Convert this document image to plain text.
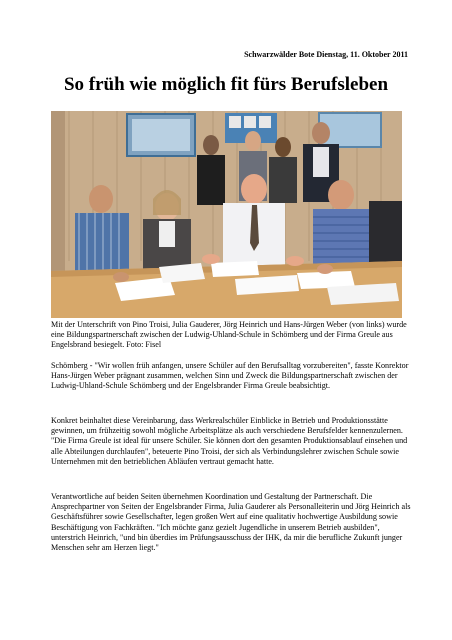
Schwarzwälder Bote Dienstag, 11. Oktober 2011
So früh wie möglich fit fürs Berufsleben
Mit der Unterschrift von Pino Troisi, Julia Gauderer, Jörg Heinrich und Hans-Jürgen Weber (von links) wurde eine Bildungspartnerschaft zwischen der Ludwig-Uhland-Schule in Schömberg und der Firma Greule aus Engelsbrand besiegelt. Foto: Fisel

Schömberg - "Wir wollen früh anfangen, unsere Schüler auf den Berufsalltag vorzubereiten", fasste Konrektor Hans-Jürgen Weber prägnant zusammen, welchen Sinn und Zweck die Bildungspartnerschaft zwischen der Ludwig-Uhland-Schule Schömberg und der Engelsbrander Firma Greule beabsichtigt.

Konkret beinhaltet diese Vereinbarung, dass Werkrealschüler Einblicke in Betrieb und Produktionsstätte gewinnen, um frühzeitig sowohl mögliche Arbeitsplätze als auch verschiedene Berufsfelder kennenzulernen. "Die Firma Greule ist ideal für unsere Schüler. Sie können dort den gesamten Produktionsablauf einsehen und alle Abteilungen durchlaufen", beteuerte Pino Troisi, der sich als Verbindungslehrer zwischen Schule sowie Unternehmen mit den betrieblichen Abläufen vertraut gemacht hatte.

Verantwortliche auf beiden Seiten übernehmen Koordination und Gestaltung der Partnerschaft. Die Ansprechpartner von Seiten der Engelsbrander Firma, Julia Gauderer als Personalleiterin und Jörg Heinrich als Geschäftsführer sowie Gesellschafter, legen großen Wert auf eine qualitativ hochwertige Ausbildung sowie Beschäftigung von Fachkräften. "Ich möchte ganz gezielt Jugendliche in unserem Betrieb ausbilden", unterstrich Heinrich, "und bin überdies im Prüfungsausschuss der IHK, da mir die berufliche Zukunft junger Menschen sehr am Herzen liegt."
